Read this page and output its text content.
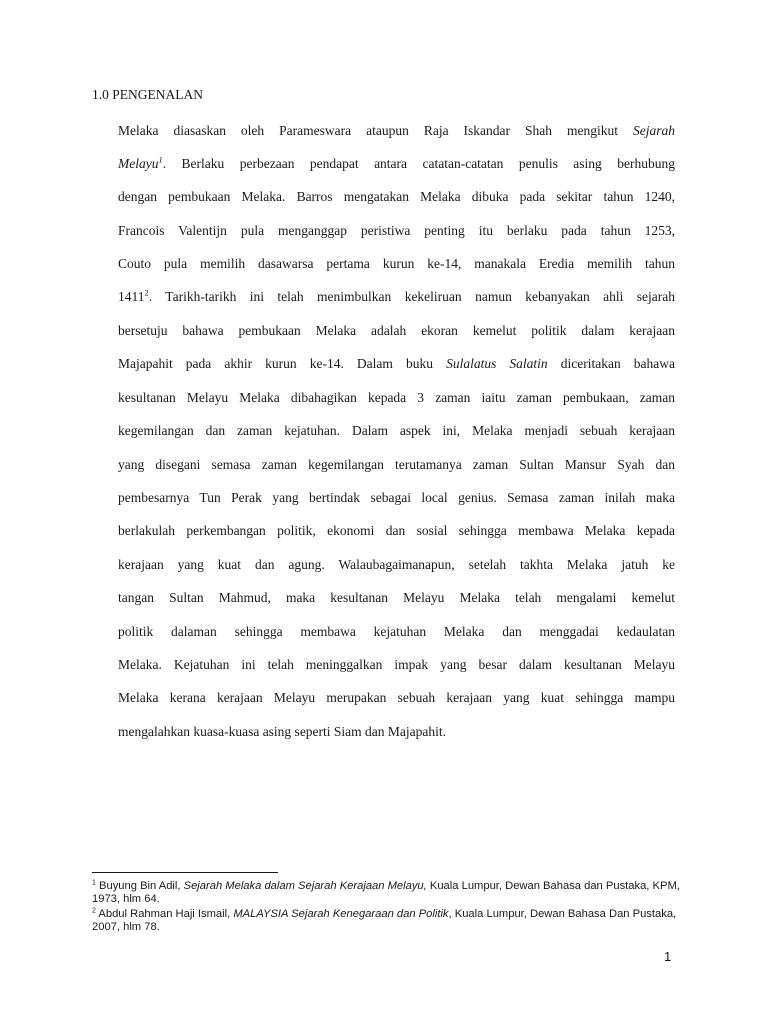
1.0 PENGENALAN
Melaka diasaskan oleh Parameswara ataupun Raja Iskandar Shah mengikut Sejarah
Melayu$^1$. Berlaku perbezaan pendapat antara catatan-catatan penulis asing berhubung
dengan pembukaan Melaka. Barros mengatakan Melaka dibuka pada sekitar tahun 1240,
Francois Valentijn pula menganggap peristiwa penting itu berlaku pada tahun 1253,
Couto pula memilih dasawarsa pertama kurun ke-14, manakala Eredia memilih tahun
1411$^2$. Tarikh-tarikh ini telah menimbulkan kekeliruan namun kebanyakan ahli sejarah
bersetuju bahawa pembukaan Melaka adalah ekoran kemelut politik dalam kerajaan
Majapahit pada akhir kurun ke-14. Dalam buku Sulalatus Salatin diceritakan bahawa
kesultanan Melayu Melaka dibahagikan kepada 3 zaman iaitu zaman pembukaan, zaman
kegemilangan dan zaman kejatuhan. Dalam aspek ini, Melaka menjadi sebuah kerajaan
yang disegani semasa zaman kegemilangan terutamanya zaman Sultan Mansur Syah dan
pembesarnya Tun Perak yang bertindak sebagai local genius. Semasa zaman inilah maka
berlakulah perkembangan politik, ekonomi dan sosial sehingga membawa Melaka kepada
kerajaan yang kuat dan agung. Walaubagaimanapun, setelah takhta Melaka jatuh ke
tangan Sultan Mahmud, maka kesultanan Melayu Melaka telah mengalami kemelut
politik dalaman sehingga membawa kejatuhan Melaka dan menggadai kedaulatan
Melaka. Kejatuhan ini telah meninggalkan impak yang besar dalam kesultanan Melayu
Melaka kerana kerajaan Melayu merupakan sebuah kerajaan yang kuat sehingga mampu
mengalahkan kuasa-kuasa asing seperti Siam dan Majapahit.
$^1$ Buyung Bin Adil, Sejarah Melaka dalam Sejarah Kerajaan Melayu, Kuala Lumpur, Dewan Bahasa dan Pustaka, KPM, 1973, hlm 64.
$^2$ Abdul Rahman Haji Ismail, MALAYSIA Sejarah Kenegaraan dan Politik, Kuala Lumpur, Dewan Bahasa Dan Pustaka, 2007, hlm 78.
1
